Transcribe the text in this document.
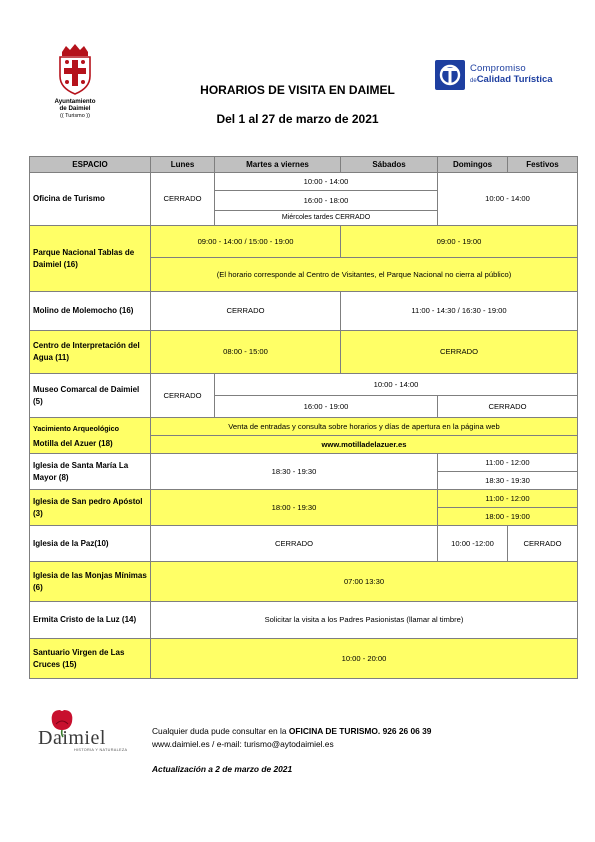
Ayuntamiento
de Daimiel
(( Turismo ))
HORARIOS DE VISITA EN DAIMEL
Del 1 al 27 de marzo de 2021
Compromiso
deCalidad Turística
ESPACIO	Lunes	Martes a viernes	Sábados	Domingos	Festivos
Oficina de Turismo	CERRADO	10:00 - 14:00		10:00 - 14:00	
		16:00 - 18:00			
		Miércoles tardes CERRADO			
Parque Nacional Tablas de Daimiel (16)	09:00 - 14:00 / 15:00 - 19:00		09:00 - 19:00		
	(El horario corresponde al Centro de Visitantes, el Parque Nacional no cierra al público)				
Molino de Molemocho (16)	CERRADO		11:00 - 14:30 / 16:30 - 19:00		
Centro de Interpretación del Agua (11)	08:00 - 15:00		CERRADO		
Museo Comarcal de Daimiel (5)	CERRADO	10:00 - 14:00			
		16:00 - 19:00		CERRADO	
Yacimiento Arqueológico
Motilla del Azuer (18)	Venta de entradas y consulta sobre horarios y días de apertura en la página web				
	www.motilladelazuer.es				
Iglesia de Santa María La Mayor (8)	18:30 - 19:30			11:00 - 12:00	
				18:30 - 19:30	
Iglesia de San pedro Apóstol (3)	18:00 - 19:30			11:00 - 12:00	
				18:00 - 19:00	
Iglesia de la Paz(10)	CERRADO			10:00 -12:00	CERRADO
Iglesia de las Monjas Mínimas (6)	07:00 13:30				
Ermita Cristo de la Luz (14)	Solicitar la visita a los Padres Pasionistas (llamar al timbre)				
Santuario Virgen de Las Cruces (15)	10:00 - 20:00				
Daimiel
HISTORIA Y NATURALEZA
Cualquier duda pude consultar en la OFICINA DE TURISMO. 926 26 06 39
www.daimiel.es / e-mail: turismo@aytodaimiel.es
Actualización a 2 de marzo de 2021
